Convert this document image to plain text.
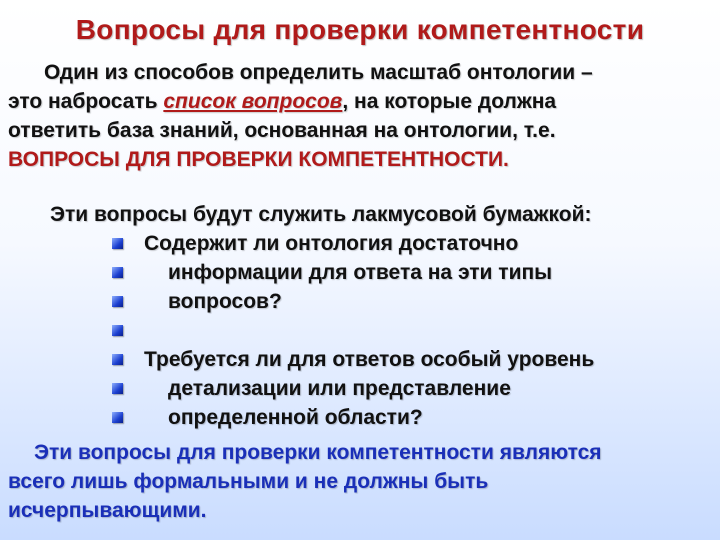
Вопросы для проверки компетентности
Один из способов определить масштаб онтологии –
это набросать список вопросов, на которые должна
ответить база знаний, основанная на онтологии, т.е.
ВОПРОСЫ ДЛЯ ПРОВЕРКИ КОМПЕТЕНТНОСТИ.
Эти вопросы будут служить лакмусовой бумажкой:
Содержит ли онтология достаточно
информации для ответа на эти типы
вопросов?
Требуется ли для ответов особый уровень
детализации или представление
определенной области?
Эти вопросы для проверки компетентности являются
всего лишь формальными и не должны быть
исчерпывающими.
